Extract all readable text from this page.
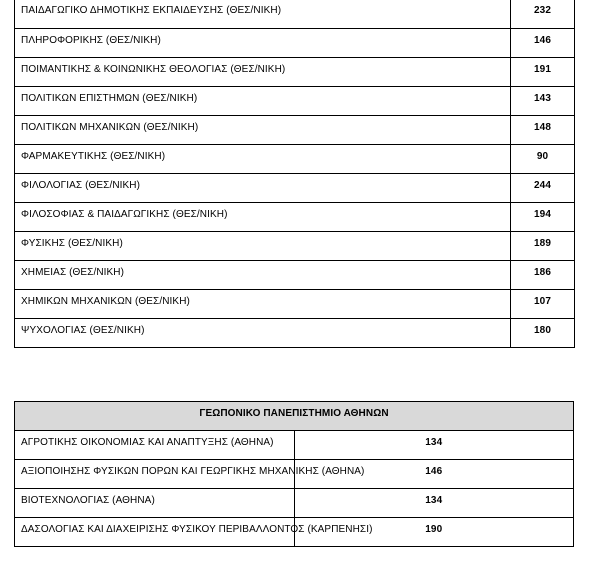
ΠΑΙΔΑΓΩΓΙΚΟ ΔΗΜΟΤΙΚΗΣ ΕΚΠΑΙΔΕΥΣΗΣ (ΘΕΣ/ΝΙΚΗ)	232
ΠΛΗΡΟΦΟΡΙΚΗΣ (ΘΕΣ/ΝΙΚΗ)	146
ΠΟΙΜΑΝΤΙΚΗΣ & ΚΟΙΝΩΝΙΚΗΣ ΘΕΟΛΟΓΙΑΣ (ΘΕΣ/ΝΙΚΗ)	191
ΠΟΛΙΤΙΚΩΝ ΕΠΙΣΤΗΜΩΝ (ΘΕΣ/ΝΙΚΗ)	143
ΠΟΛΙΤΙΚΩΝ ΜΗΧΑΝΙΚΩΝ (ΘΕΣ/ΝΙΚΗ)	148
ΦΑΡΜΑΚΕΥΤΙΚΗΣ (ΘΕΣ/ΝΙΚΗ)	90
ΦΙΛΟΛΟΓΙΑΣ (ΘΕΣ/ΝΙΚΗ)	244
ΦΙΛΟΣΟΦΙΑΣ & ΠΑΙΔΑΓΩΓΙΚΗΣ (ΘΕΣ/ΝΙΚΗ)	194
ΦΥΣΙΚΗΣ (ΘΕΣ/ΝΙΚΗ)	189
ΧΗΜΕΙΑΣ (ΘΕΣ/ΝΙΚΗ)	186
ΧΗΜΙΚΩΝ ΜΗΧΑΝΙΚΩΝ (ΘΕΣ/ΝΙΚΗ)	107
ΨΥΧΟΛΟΓΙΑΣ (ΘΕΣ/ΝΙΚΗ)	180
ΓΕΩΠΟΝΙΚΟ ΠΑΝΕΠΙΣΤΗΜΙΟ ΑΘΗΝΩΝ	
ΑΓΡΟΤΙΚΗΣ ΟΙΚΟΝΟΜΙΑΣ ΚΑΙ ΑΝΑΠΤΥΞΗΣ (ΑΘΗΝΑ)	134
ΑΞΙΟΠΟΙΗΣΗΣ ΦΥΣΙΚΩΝ ΠΟΡΩΝ ΚΑΙ ΓΕΩΡΓΙΚΗΣ ΜΗΧΑΝΙΚΗΣ (ΑΘΗΝΑ)	146
ΒΙΟΤΕΧΝΟΛΟΓΙΑΣ (ΑΘΗΝΑ)	134
ΔΑΣΟΛΟΓΙΑΣ ΚΑΙ ΔΙΑΧΕΙΡΙΣΗΣ ΦΥΣΙΚΟΥ ΠΕΡΙΒΑΛΛΟΝΤΟΣ (ΚΑΡΠΕΝΗΣΙ)	190
